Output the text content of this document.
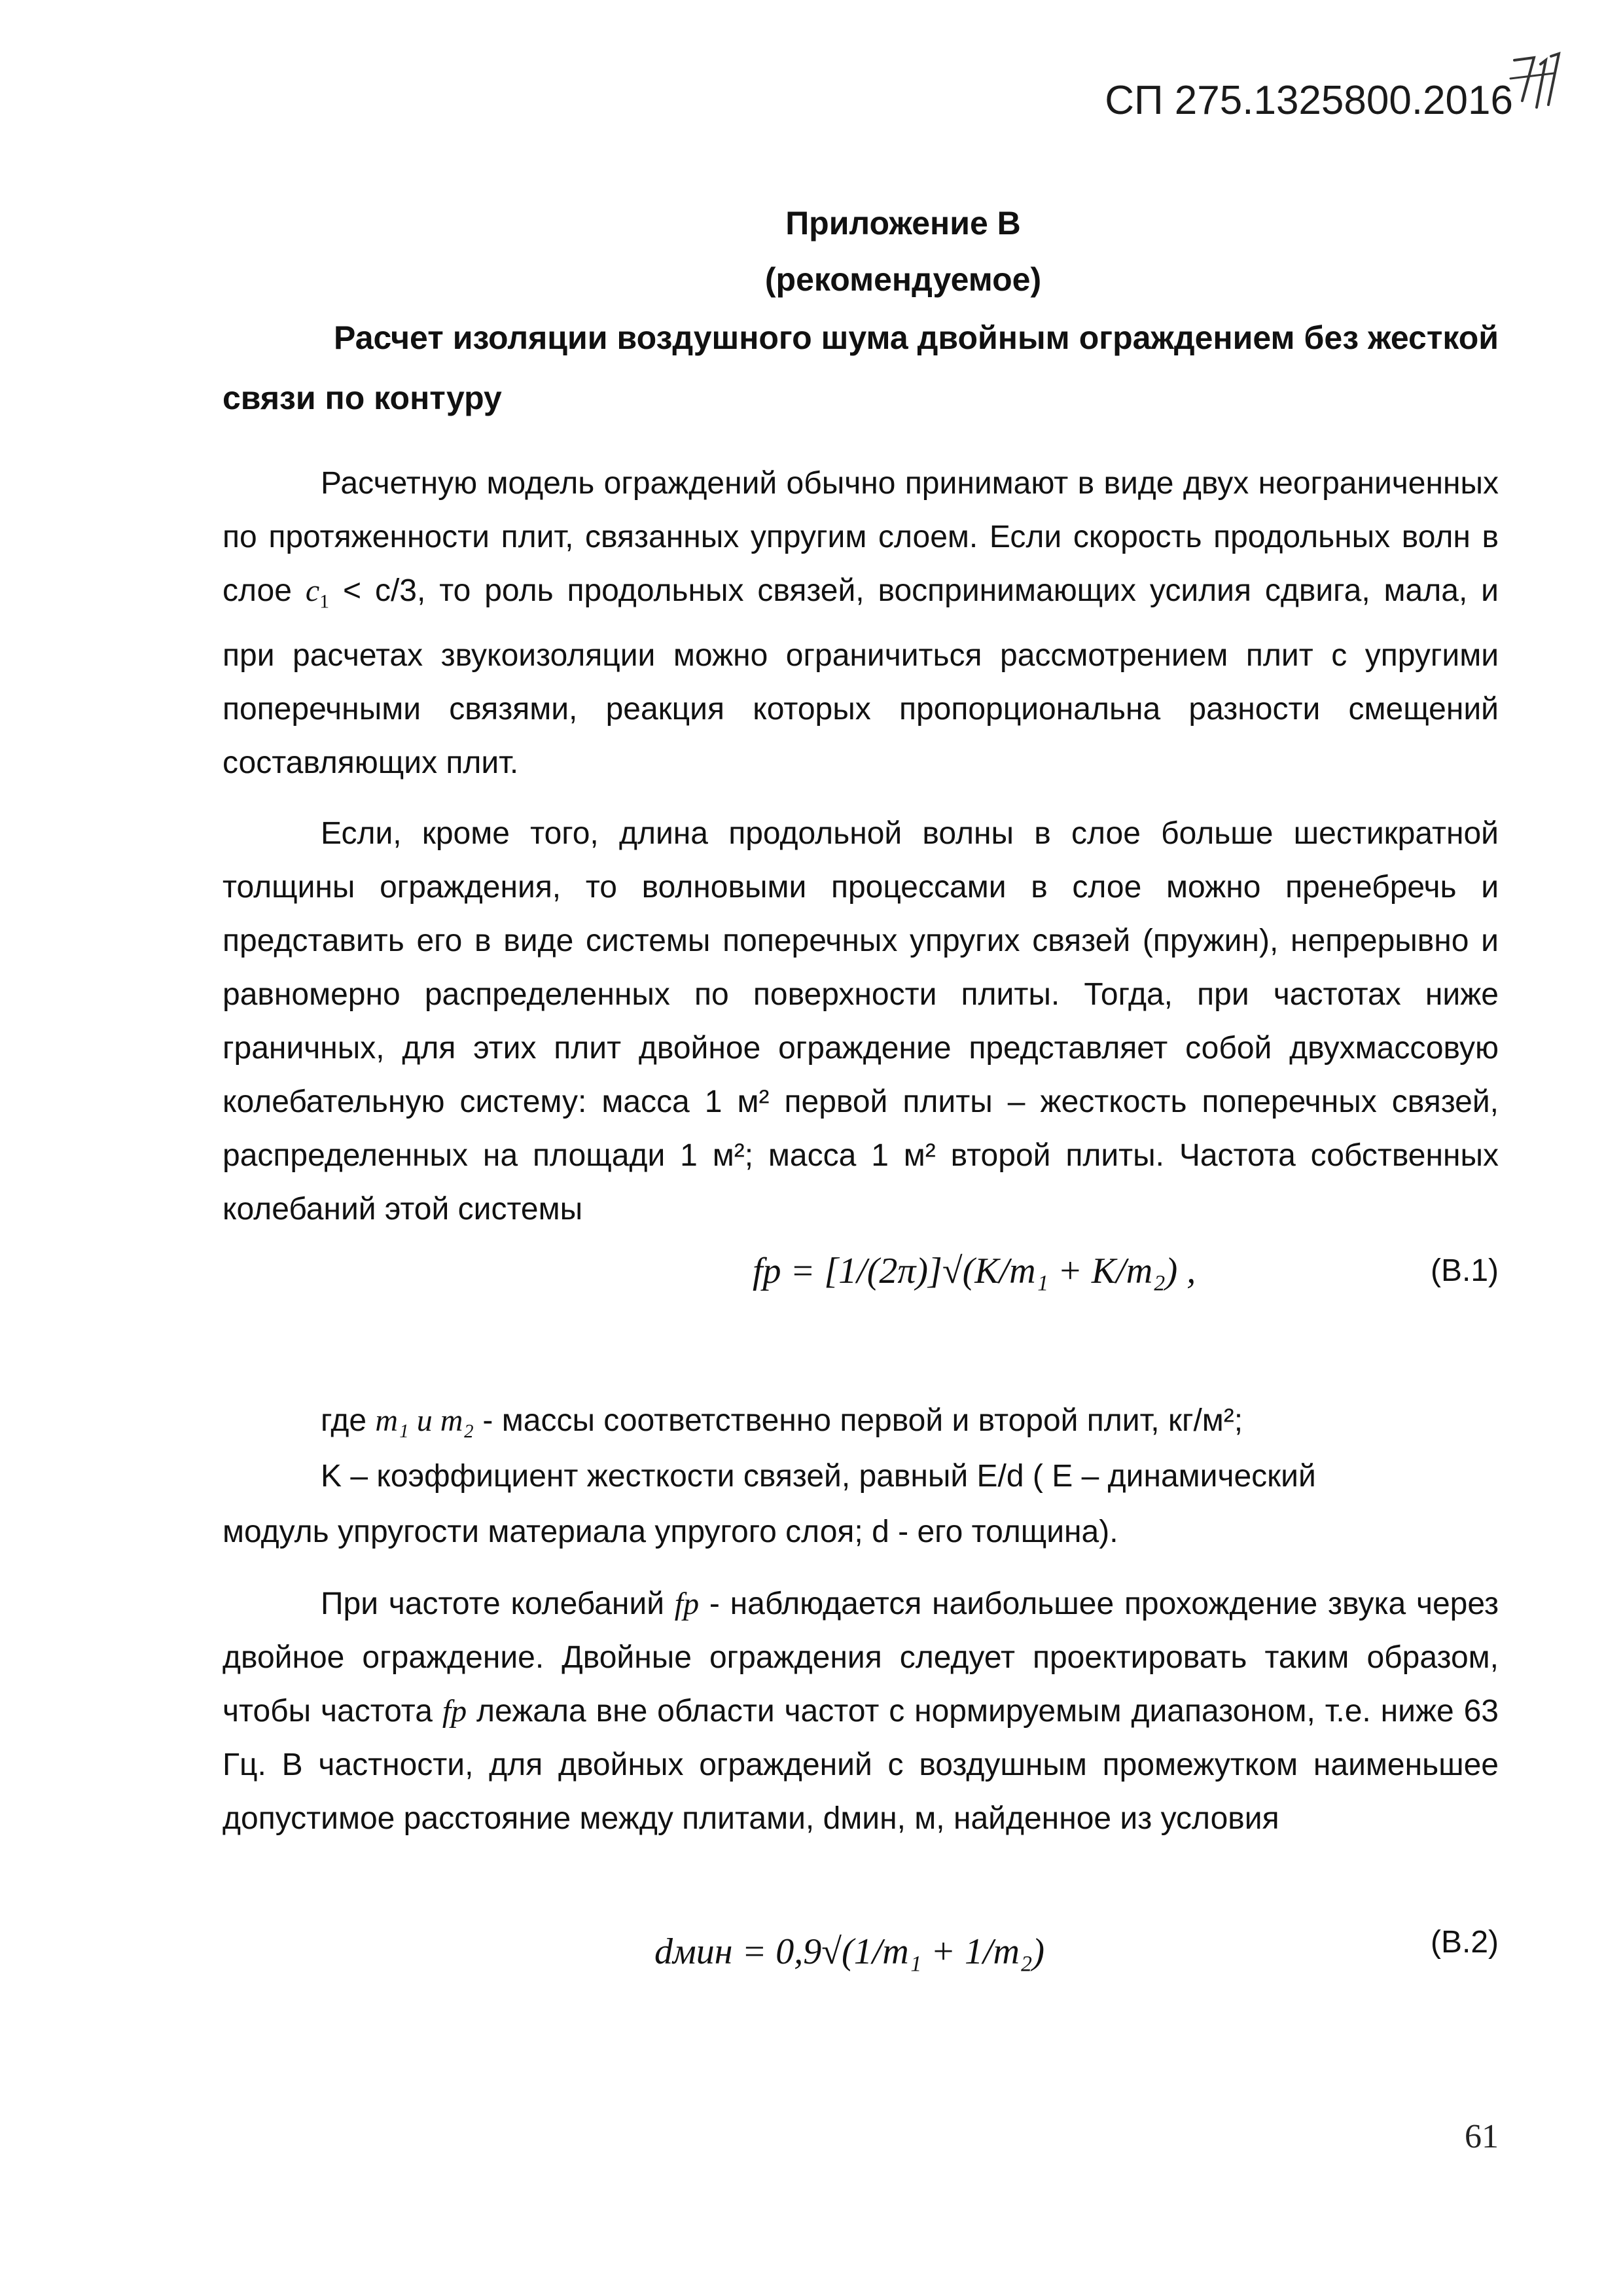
СП 275.1325800.2016
Приложение В
(рекомендуемое)
Расчет изоляции воздушного шума двойным ограждением без жесткой связи по контуру

Расчетную модель ограждений обычно принимают в виде двух неограниченных по протяженности плит, связанных упругим слоем. Если скорость продольных волн в слое $c_1 < c/3$, то роль продольных связей, воспринимающих усилия сдвига, мала, и при расчетах звукоизоляции можно ограничиться рассмотрением плит с упругими поперечными связями, реакция которых пропорциональна разности смещений составляющих плит.

Если, кроме того, длина продольной волны в слое больше шестикратной толщины ограждения, то волновыми процессами в слое можно пренебречь и представить его в виде системы поперечных упругих связей (пружин), непрерывно и равномерно распределенных по поверхности плиты. Тогда, при частотах ниже граничных, для этих плит двойное ограждение представляет собой двухмассовую колебательную систему: масса 1 м² первой плиты – жесткость поперечных связей, распределенных на площади 1 м²; масса 1 м² второй плиты. Частота собственных колебаний этой системы

fр = [1/(2π)]√(K/m₁ + K/m₂) ,	(В.1)
где m₁ и m₂ - массы соответственно первой и второй плит, кг/м²;
K – коэффициент жесткости связей, равный E/d ( E – динамический
модуль упругости материала упругого слоя; d - его толщина).

При частоте колебаний fр - наблюдается наибольшее прохождение звука через двойное ограждение. Двойные ограждения следует проектировать таким образом, чтобы частота fр лежала вне области частот с нормируемым диапазоном, т.е. ниже 63 Гц. В частности, для двойных ограждений с воздушным промежутком наименьшее допустимое расстояние между плитами, dмин, м, найденное из условия

dмин = 0,9√(1/m₁ + 1/m₂)	(В.2)
61
